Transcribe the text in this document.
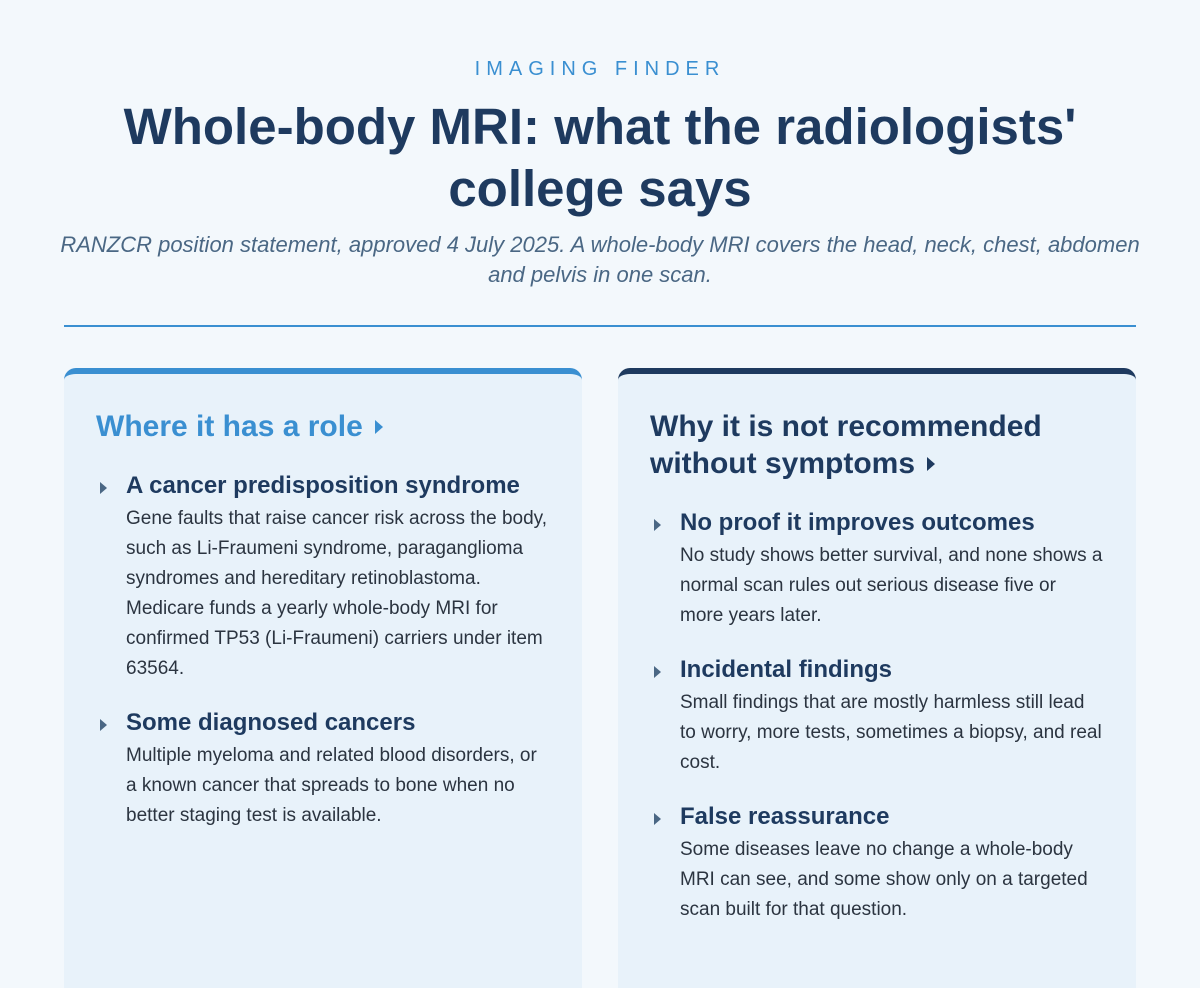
IMAGING FINDER
Whole-body MRI: what the radiologists' college says

RANZCR position statement, approved 4 July 2025. A whole-body MRI covers the head, neck, chest, abdomen and pelvis in one scan.

Where it has a role
A cancer predisposition syndrome
Gene faults that raise cancer risk across the body, such as Li-Fraumeni syndrome, paraganglioma syndromes and hereditary retinoblastoma. Medicare funds a yearly whole-body MRI for confirmed TP53 (Li-Fraumeni) carriers under item 63564.
Some diagnosed cancers
Multiple myeloma and related blood disorders, or a known cancer that spreads to bone when no better staging test is available.
Why it is not recommended without symptoms
No proof it improves outcomes
No study shows better survival, and none shows a normal scan rules out serious disease five or more years later.
Incidental findings
Small findings that are mostly harmless still lead to worry, more tests, sometimes a biopsy, and real cost.
False reassurance
Some diseases leave no change a whole-body MRI can see, and some show only on a targeted scan built for that question.
